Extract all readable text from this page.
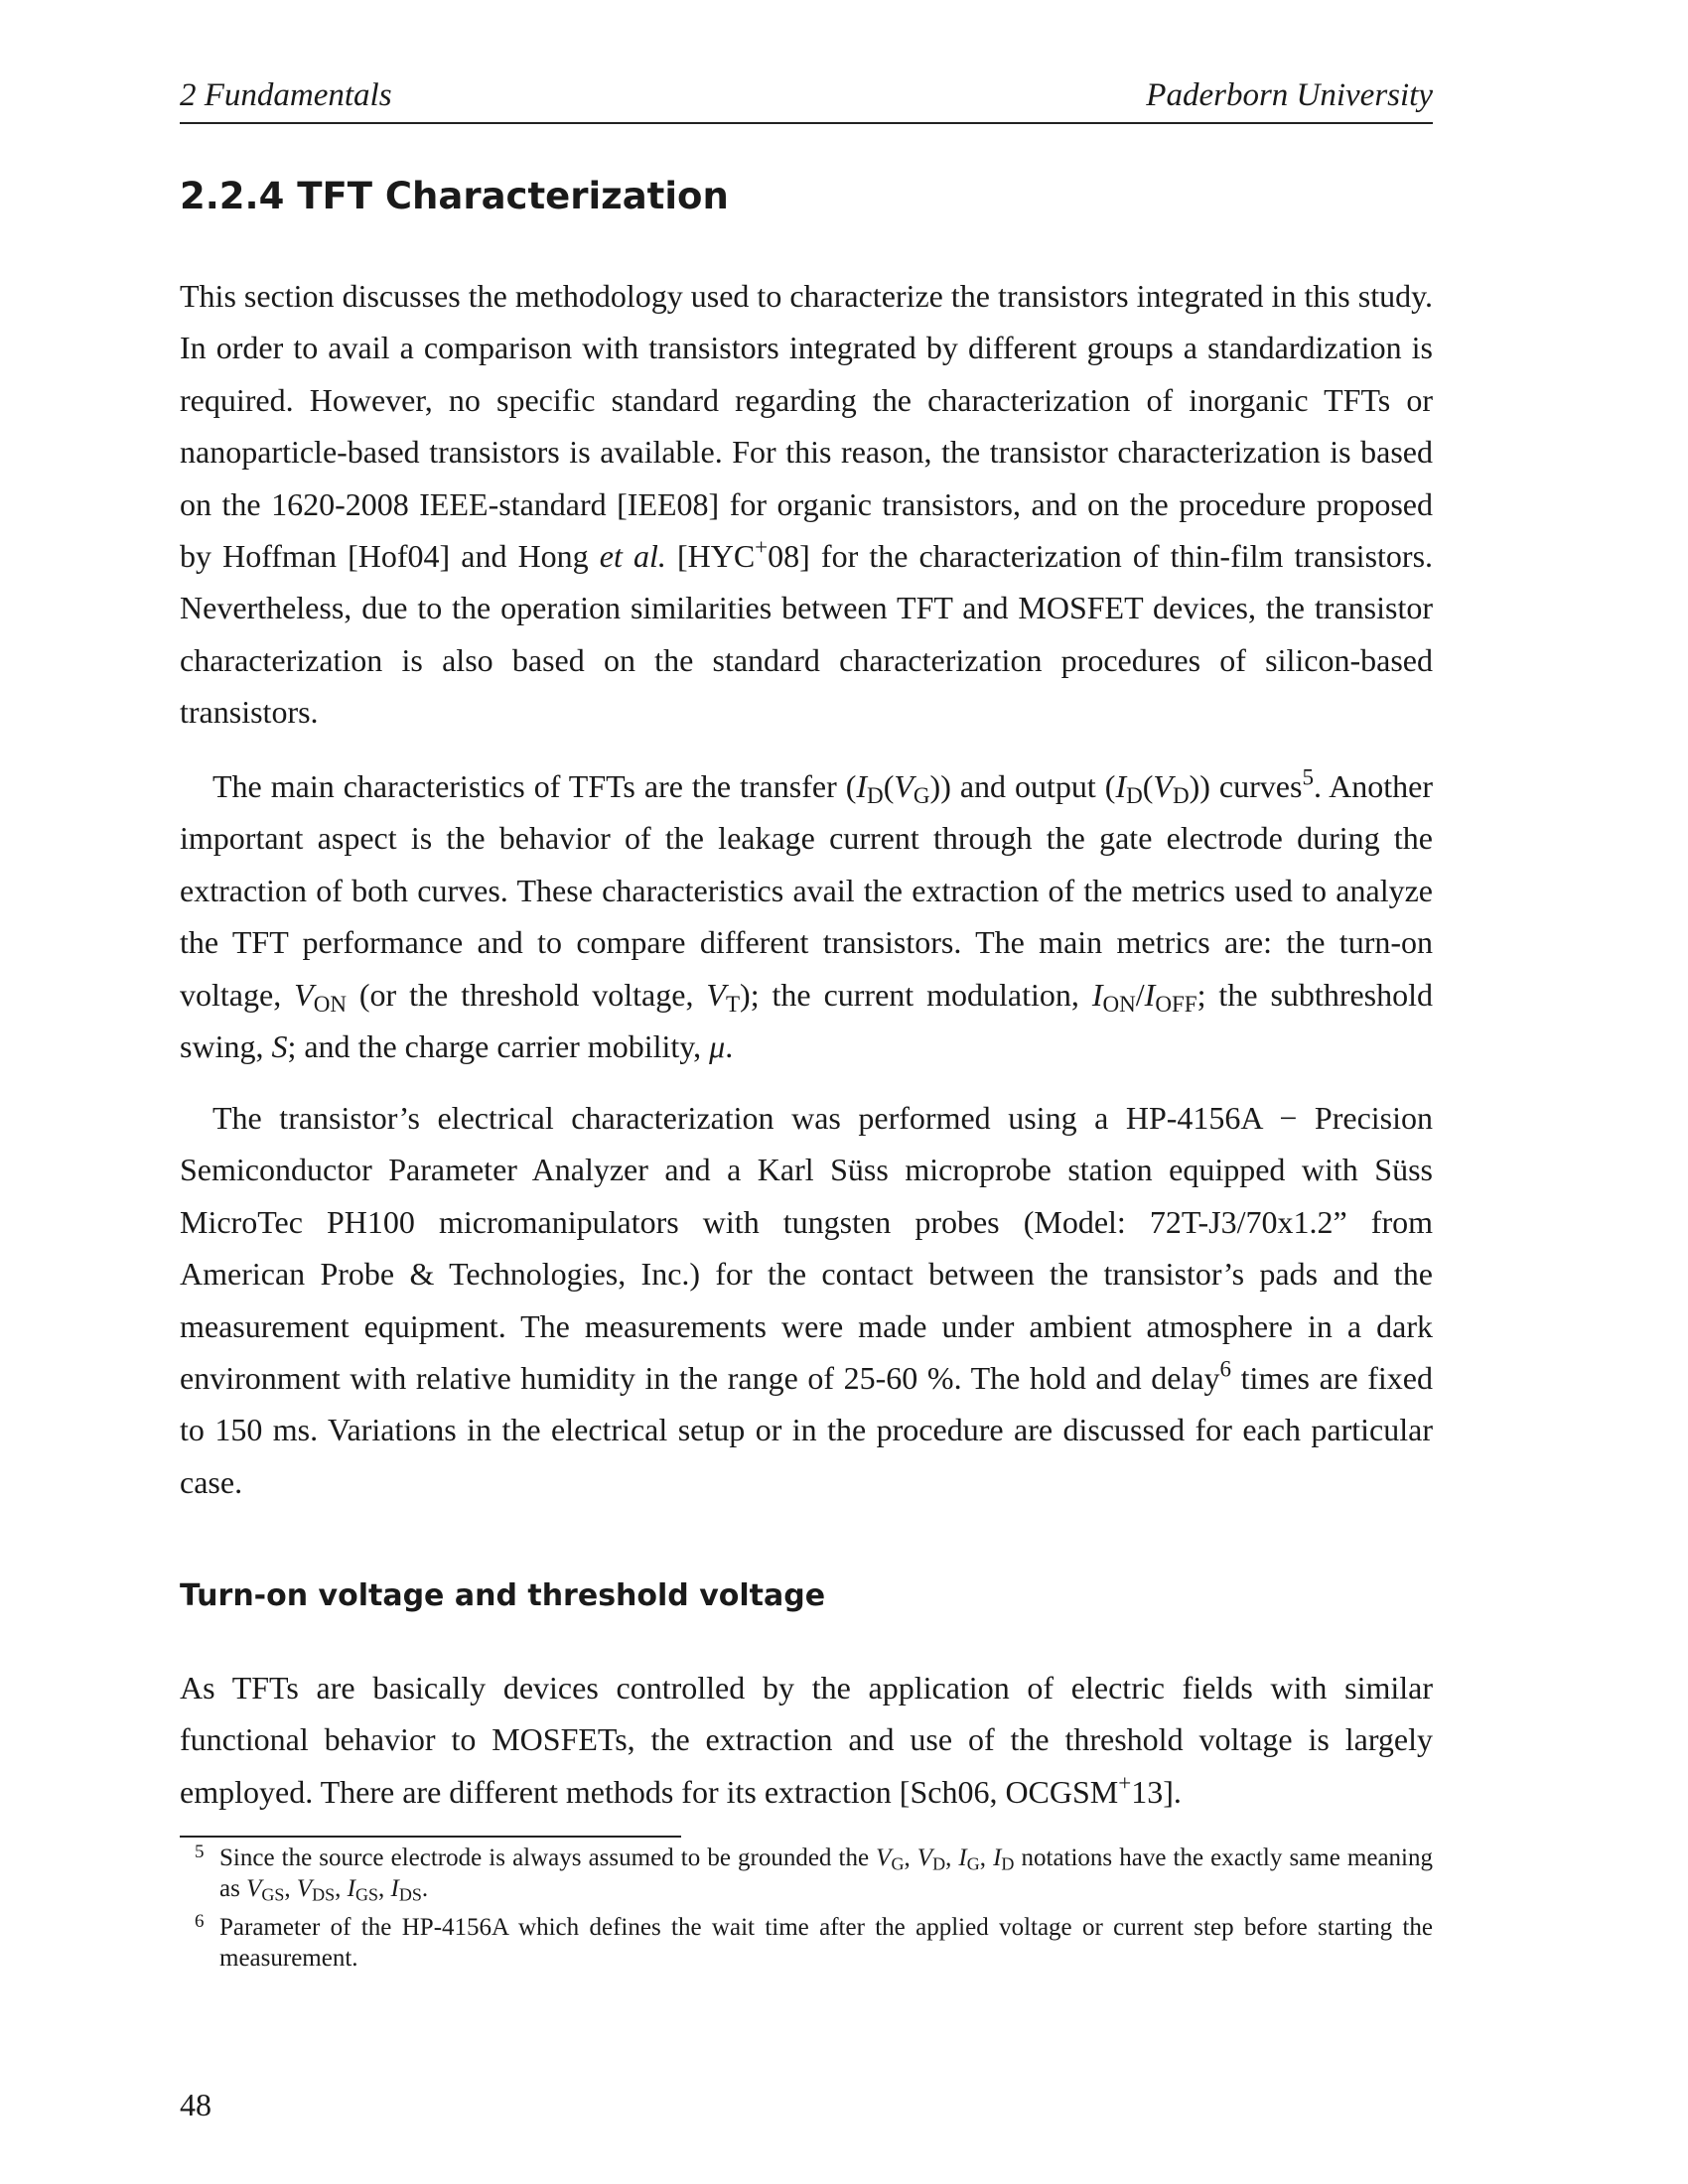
2 Fundamentals	Paderborn University
2.2.4 TFT Characterization

This section discusses the methodology used to characterize the transistors integrated in this study. In order to avail a comparison with transistors integrated by different groups a standardization is required. However, no specific standard regarding the characterization of inorganic TFTs or nanoparticle-based transistors is available. For this reason, the transistor characterization is based on the 1620-2008 IEEE-standard [IEE08] for organic transistors, and on the procedure proposed by Hoffman [Hof04] and Hong et al. [HYC+08] for the characterization of thin-film transistors. Nevertheless, due to the operation similarities between TFT and MOSFET devices, the transistor characterization is also based on the standard characterization procedures of silicon-based transistors.

The main characteristics of TFTs are the transfer (ID(VG)) and output (ID(VD)) curves$^5$. Another important aspect is the behavior of the leakage current through the gate electrode during the extraction of both curves. These characteristics avail the extraction of the metrics used to analyze the TFT performance and to compare different transistors. The main metrics are: the turn-on voltage, VON (or the threshold voltage, VT); the current modulation, ION/IOFF; the subthreshold swing, S; and the charge carrier mobility, μ.

The transistor’s electrical characterization was performed using a HP-4156A − Precision Semiconductor Parameter Analyzer and a Karl Süss microprobe station equipped with Süss MicroTec PH100 micromanipulators with tungsten probes (Model: 72T-J3/70x1.2” from American Probe & Technologies, Inc.) for the contact between the transistor’s pads and the measurement equipment. The measurements were made under ambient atmosphere in a dark environment with relative humidity in the range of 25-60 %. The hold and delay$^6$ times are fixed to 150 ms. Variations in the electrical setup or in the procedure are discussed for each particular case.

Turn-on voltage and threshold voltage

As TFTs are basically devices controlled by the application of electric fields with similar functional behavior to MOSFETs, the extraction and use of the threshold voltage is largely employed. There are different methods for its extraction [Sch06, OCGSM+13].

5 Since the source electrode is always assumed to be grounded the VG, VD, IG, ID notations have the exactly same meaning as VGS, VDS, IGS, IDS.

6 Parameter of the HP-4156A which defines the wait time after the applied voltage or current step before starting the measurement.

48
